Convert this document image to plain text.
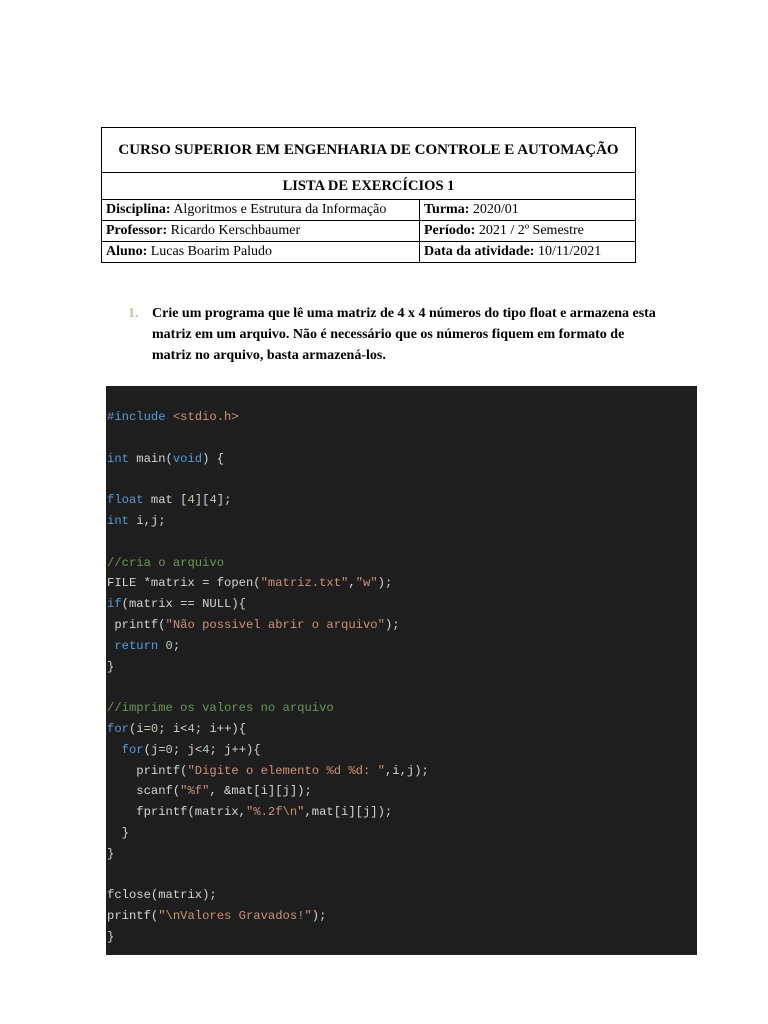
CURSO SUPERIOR EM ENGENHARIA DE CONTROLE E AUTOMAÇÃO	
LISTA DE EXERCÍCIOS 1	
Disciplina: Algoritmos e Estrutura da Informação	Turma: 2020/01
Professor: Ricardo Kerschbaumer	Período: 2021 / 2º Semestre
Aluno: Lucas Boarim Paludo	Data da atividade: 10/11/2021
1. Crie um programa que lê uma matriz de 4 x 4 números do tipo float e armazena esta
matriz em um arquivo. Não é necessário que os números fiquem em formato de
matriz no arquivo, basta armazená-los.
#include <stdio.h>
int main(void) {
float mat [4][4];
int i,j;
//cria o arquivo
FILE *matrix = fopen("matriz.txt","w");
if(matrix == NULL){
printf("Não possivel abrir o arquivo");
return 0;
}
//imprime os valores no arquivo
for(i=0; i<4; i++){
for(j=0; j<4; j++){
printf("Digite o elemento %d %d: ",i,j);
scanf("%f", &mat[i][j]);
fprintf(matrix,"%.2f\n",mat[i][j]);
}
}
fclose(matrix);
printf("\nValores Gravados!");
}
